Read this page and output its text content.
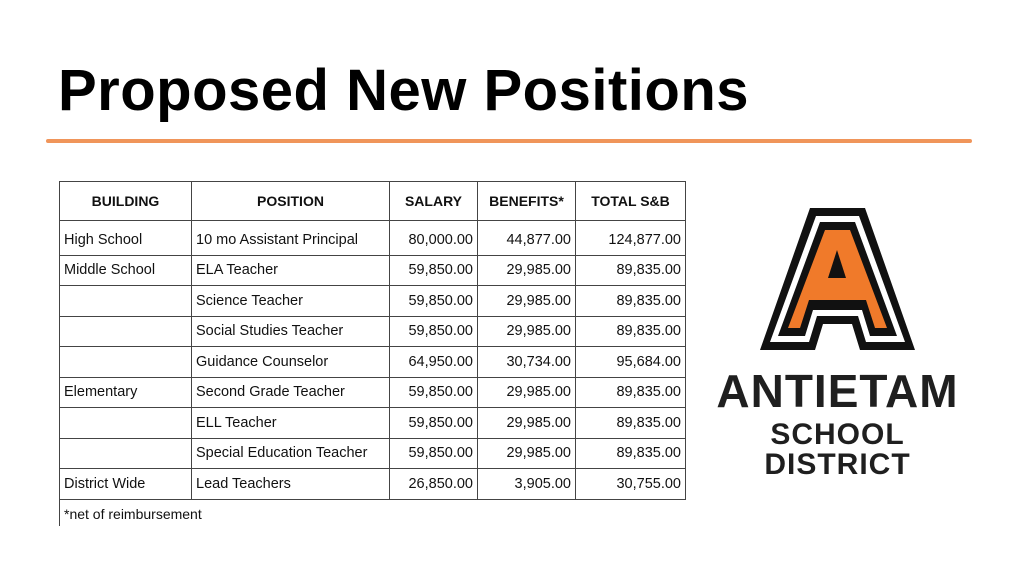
Proposed New Positions
BUILDING	POSITION	SALARY	BENEFITS*	TOTAL S&B
High School	10 mo Assistant Principal	80,000.00	44,877.00	124,877.00
Middle School	ELA Teacher	59,850.00	29,985.00	89,835.00
	Science Teacher	59,850.00	29,985.00	89,835.00
	Social Studies Teacher	59,850.00	29,985.00	89,835.00
	Guidance Counselor	64,950.00	30,734.00	95,684.00
Elementary	Second Grade Teacher	59,850.00	29,985.00	89,835.00
	ELL Teacher	59,850.00	29,985.00	89,835.00
	Special Education Teacher	59,850.00	29,985.00	89,835.00
District Wide	Lead Teachers	26,850.00	3,905.00	30,755.00
*net of reimbursement
ANTIETAM
SCHOOL DISTRICT
